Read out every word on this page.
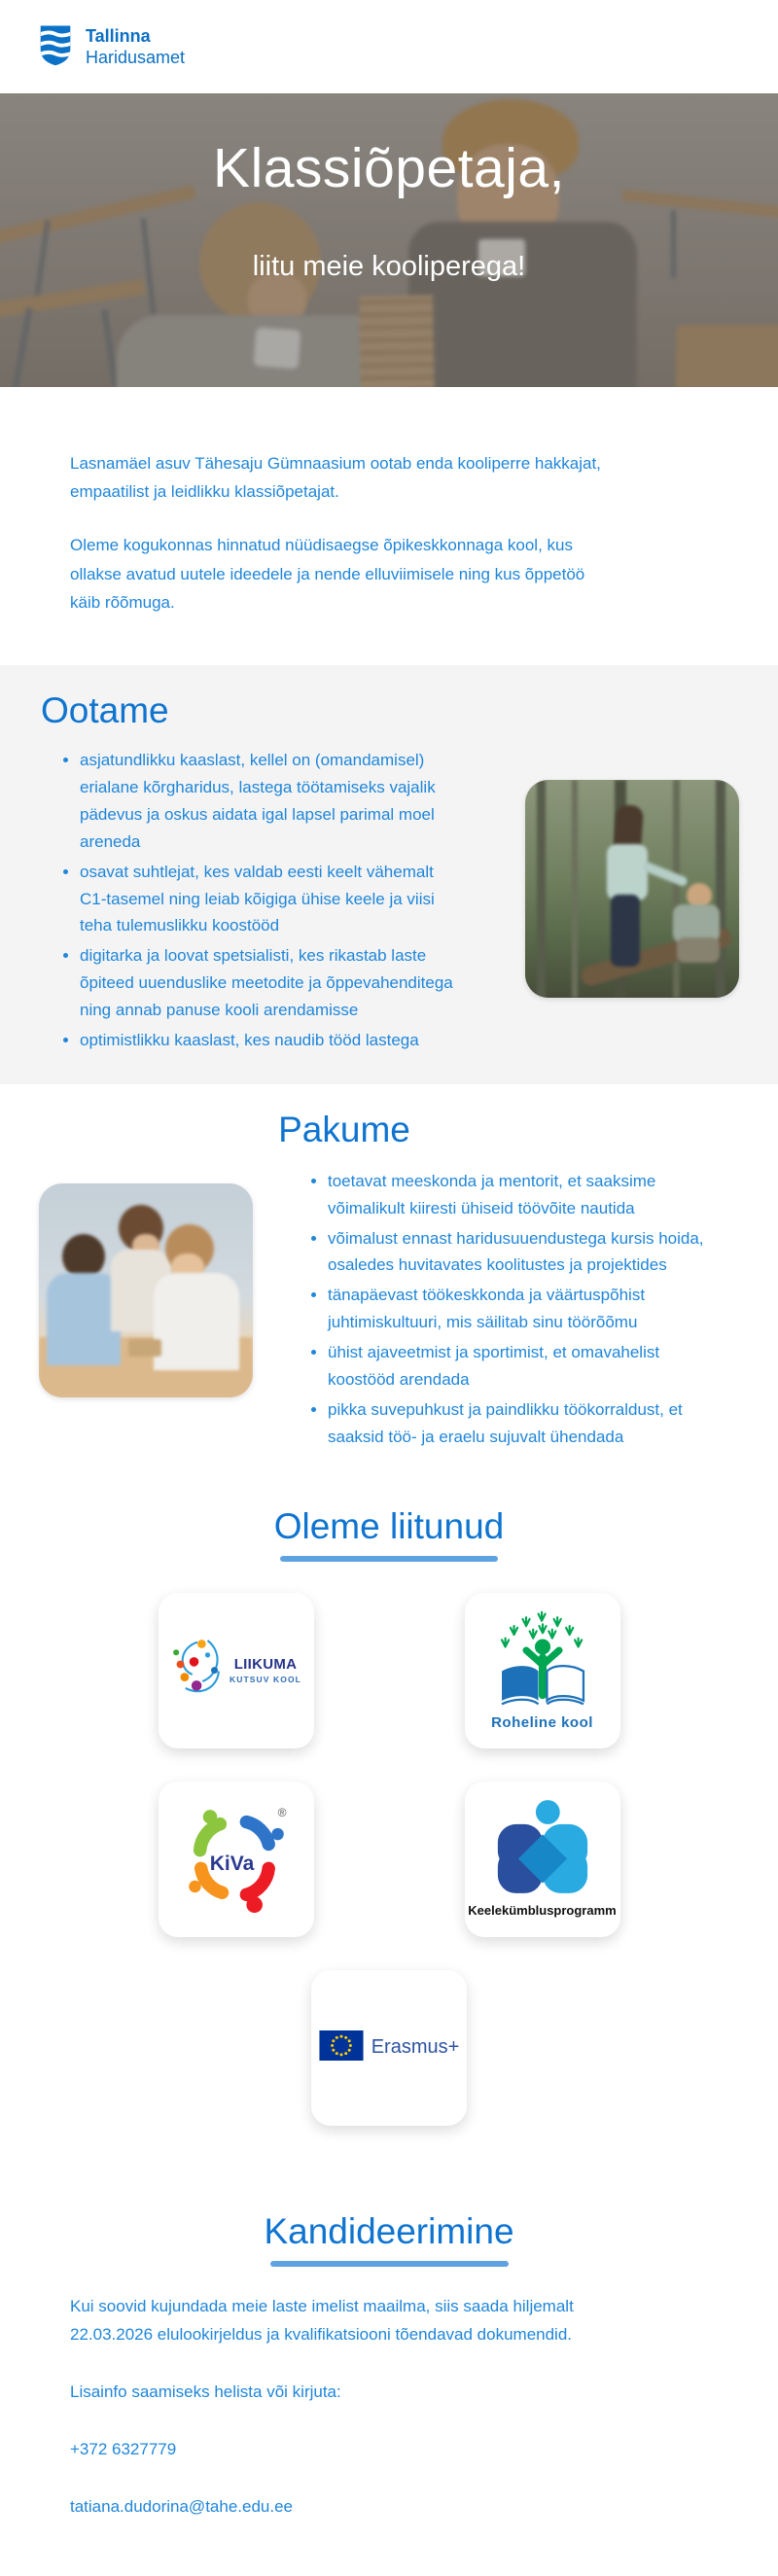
Tallinna
Haridusamet
Klassiõpetaja,
liitu meie kooliperega!

Lasnamäel asuv Tähesaju Gümnaasium ootab enda kooliperre hakkajat, empaatilist ja leidlikku klassiõpetajat.

Oleme kogukonnas hinnatud nüüdisaegse õpikeskkonnaga kool, kus ollakse avatud uutele ideedele ja nende elluviimisele ning kus õppetöö käib rõõmuga.

Ootame
• asjatundlikku kaaslast, kellel on (omandamisel) erialane kõrgharidus, lastega töötamiseks vajalik pädevus ja oskus aidata igal lapsel parimal moel areneda
• osavat suhtlejat, kes valdab eesti keelt vähemalt C1-tasemel ning leiab kõigiga ühise keele ja viisi teha tulemuslikku koostööd
• digitarka ja loovat spetsialisti, kes rikastab laste õpiteed uuenduslike meetodite ja õppevahenditega ning annab panuse kooli arendamisse
• optimistlikku kaaslast, kes naudib tööd lastega
Pakume
• toetavat meeskonda ja mentorit, et saaksime võimalikult kiiresti ühiseid töövõite nautida
• võimalust ennast haridusuuendustega kursis hoida, osaledes huvitavates koolitustes ja projektides
• tänapäevast töökeskkonda ja väärtuspõhist juhtimiskultuuri, mis säilitab sinu töörõõmu
• ühist ajaveetmist ja sportimist, et omavahelist koostööd arendada
• pikka suvepuhkust ja paindlikku töökorraldust, et saaksid töö- ja eraelu sujuvalt ühendada
Oleme liitunud
LIIKUMA
KUTSUV KOOL
Roheline kool
KiVa
®
Keelekümblusprogramm
Erasmus+
Kandideerimine

Kui soovid kujundada meie laste imelist maailma, siis saada hiljemalt 22.03.2026 elulookirjeldus ja kvalifikatsiooni tõendavad dokumendid.

Lisainfo saamiseks helista või kirjuta:

+372 6327779
tatiana.dudorina@tahe.edu.ee
